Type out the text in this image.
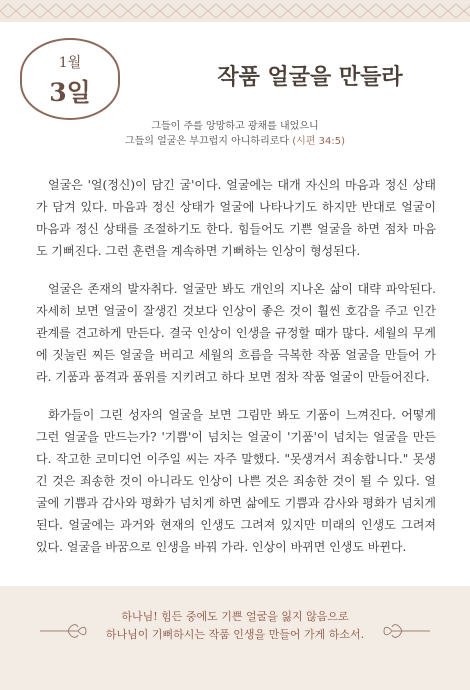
1월
3일
작품 얼굴을 만들라
그들이 주를 앙망하고 광채를 내었으니
그들의 얼굴은 부끄럽지 아니하리로다 (시편 34:5)

얼굴은 '얼(정신)이 담긴 굴'이다. 얼굴에는 대개 자신의 마음과 정신 상태가 담겨 있다. 마음과 정신 상태가 얼굴에 나타나기도 하지만 반대로 얼굴이 마음과 정신 상태를 조절하기도 한다. 힘들어도 기쁜 얼굴을 하면 점차 마음도 기뻐진다. 그런 훈련을 계속하면 기뻐하는 인상이 형성된다.

얼굴은 존재의 발자취다. 얼굴만 봐도 개인의 지나온 삶이 대략 파악된다. 자세히 보면 얼굴이 잘생긴 것보다 인상이 좋은 것이 훨씬 호감을 주고 인간관계를 견고하게 만든다. 결국 인상이 인생을 규정할 때가 많다. 세월의 무게에 짓눌린 찌든 얼굴을 버리고 세월의 흐름을 극복한 작품 얼굴을 만들어 가라. 기품과 품격과 품위를 지키려고 하다 보면 점차 작품 얼굴이 만들어진다.

화가들이 그린 성자의 얼굴을 보면 그림만 봐도 기품이 느껴진다. 어떻게 그런 얼굴을 만드는가? '기쁨'이 넘치는 얼굴이 '기품'이 넘치는 얼굴을 만든다. 작고한 코미디언 이주일 씨는 자주 말했다. "못생겨서 죄송합니다." 못생긴 것은 죄송한 것이 아니라도 인상이 나쁜 것은 죄송한 것이 될 수 있다. 얼굴에 기쁨과 감사와 평화가 넘치게 하면 삶에도 기쁨과 감사와 평화가 넘치게 된다. 얼굴에는 과거와 현재의 인생도 그려져 있지만 미래의 인생도 그려져 있다. 얼굴을 바꿈으로 인생을 바꿔 가라. 인상이 바뀌면 인생도 바뀐다.

하나님! 힘든 중에도 기쁜 얼굴을 잃지 않음으로
하나님이 기뻐하시는 작품 인생을 만들어 가게 하소서.
